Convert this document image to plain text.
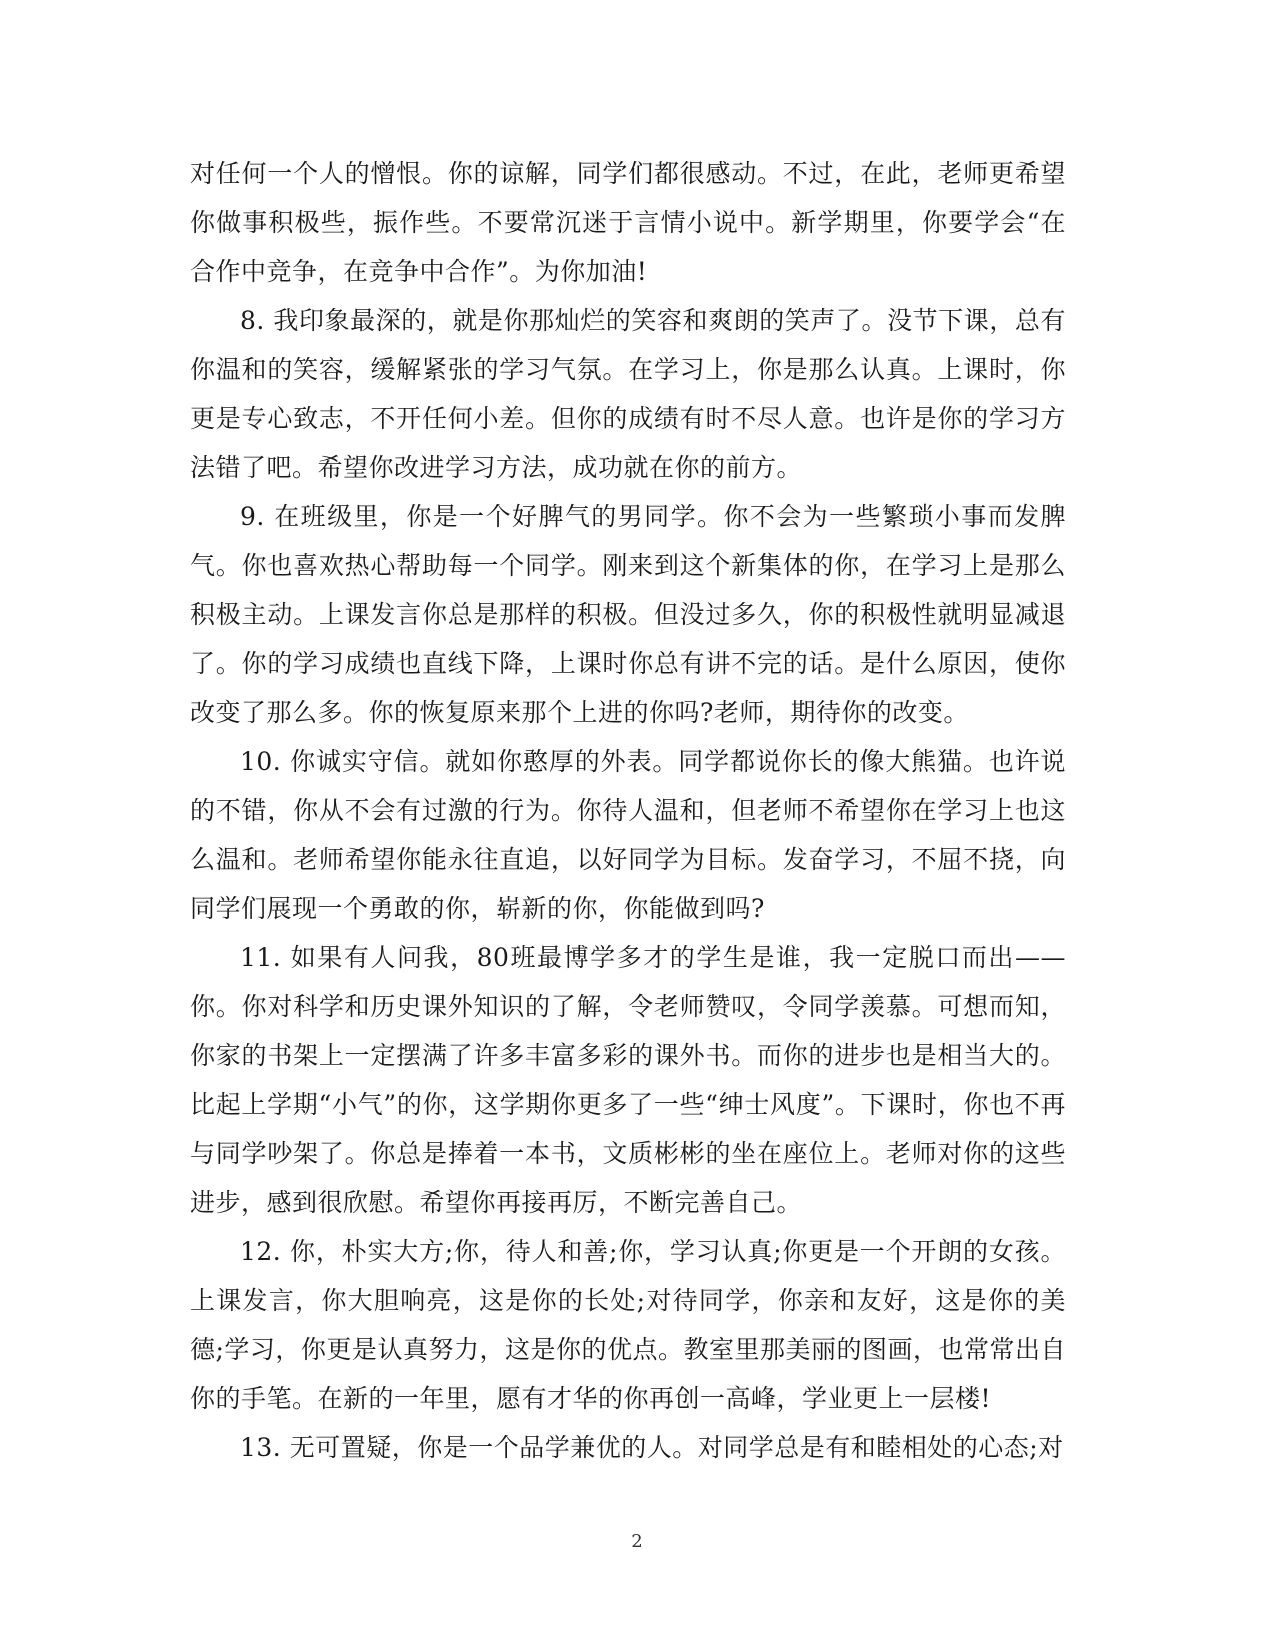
对任何一个人的憎恨。你的谅解，同学们都很感动。不过，在此，老师更希望你做事积极些，振作些。不要常沉迷于言情小说中。新学期里，你要学会“在合作中竞争，在竞争中合作”。为你加油!

8. 我印象最深的，就是你那灿烂的笑容和爽朗的笑声了。没节下课，总有你温和的笑容，缓解紧张的学习气氛。在学习上，你是那么认真。上课时，你更是专心致志，不开任何小差。但你的成绩有时不尽人意。也许是你的学习方法错了吧。希望你改进学习方法，成功就在你的前方。

9. 在班级里，你是一个好脾气的男同学。你不会为一些繁琐小事而发脾气。你也喜欢热心帮助每一个同学。刚来到这个新集体的你，在学习上是那么积极主动。上课发言你总是那样的积极。但没过多久，你的积极性就明显减退了。你的学习成绩也直线下降，上课时你总有讲不完的话。是什么原因，使你改变了那么多。你的恢复原来那个上进的你吗?老师，期待你的改变。

10. 你诚实守信。就如你憨厚的外表。同学都说你长的像大熊猫。也许说的不错，你从不会有过激的行为。你待人温和，但老师不希望你在学习上也这么温和。老师希望你能永往直追，以好同学为目标。发奋学习，不屈不挠，向同学们展现一个勇敢的你，崭新的你，你能做到吗?

11. 如果有人问我，80班最博学多才的学生是谁，我一定脱口而出——你。你对科学和历史课外知识的了解，令老师赞叹，令同学羡慕。可想而知，你家的书架上一定摆满了许多丰富多彩的课外书。而你的进步也是相当大的。比起上学期“小气”的你，这学期你更多了一些“绅士风度”。下课时，你也不再与同学吵架了。你总是捧着一本书，文质彬彬的坐在座位上。老师对你的这些进步，感到很欣慰。希望你再接再厉，不断完善自己。

12. 你，朴实大方;你，待人和善;你，学习认真;你更是一个开朗的女孩。上课发言，你大胆响亮，这是你的长处;对待同学，你亲和友好，这是你的美德;学习，你更是认真努力，这是你的优点。教室里那美丽的图画，也常常出自你的手笔。在新的一年里，愿有才华的你再创一高峰，学业更上一层楼!

13. 无可置疑，你是一个品学兼优的人。对同学总是有和睦相处的心态;对

2
